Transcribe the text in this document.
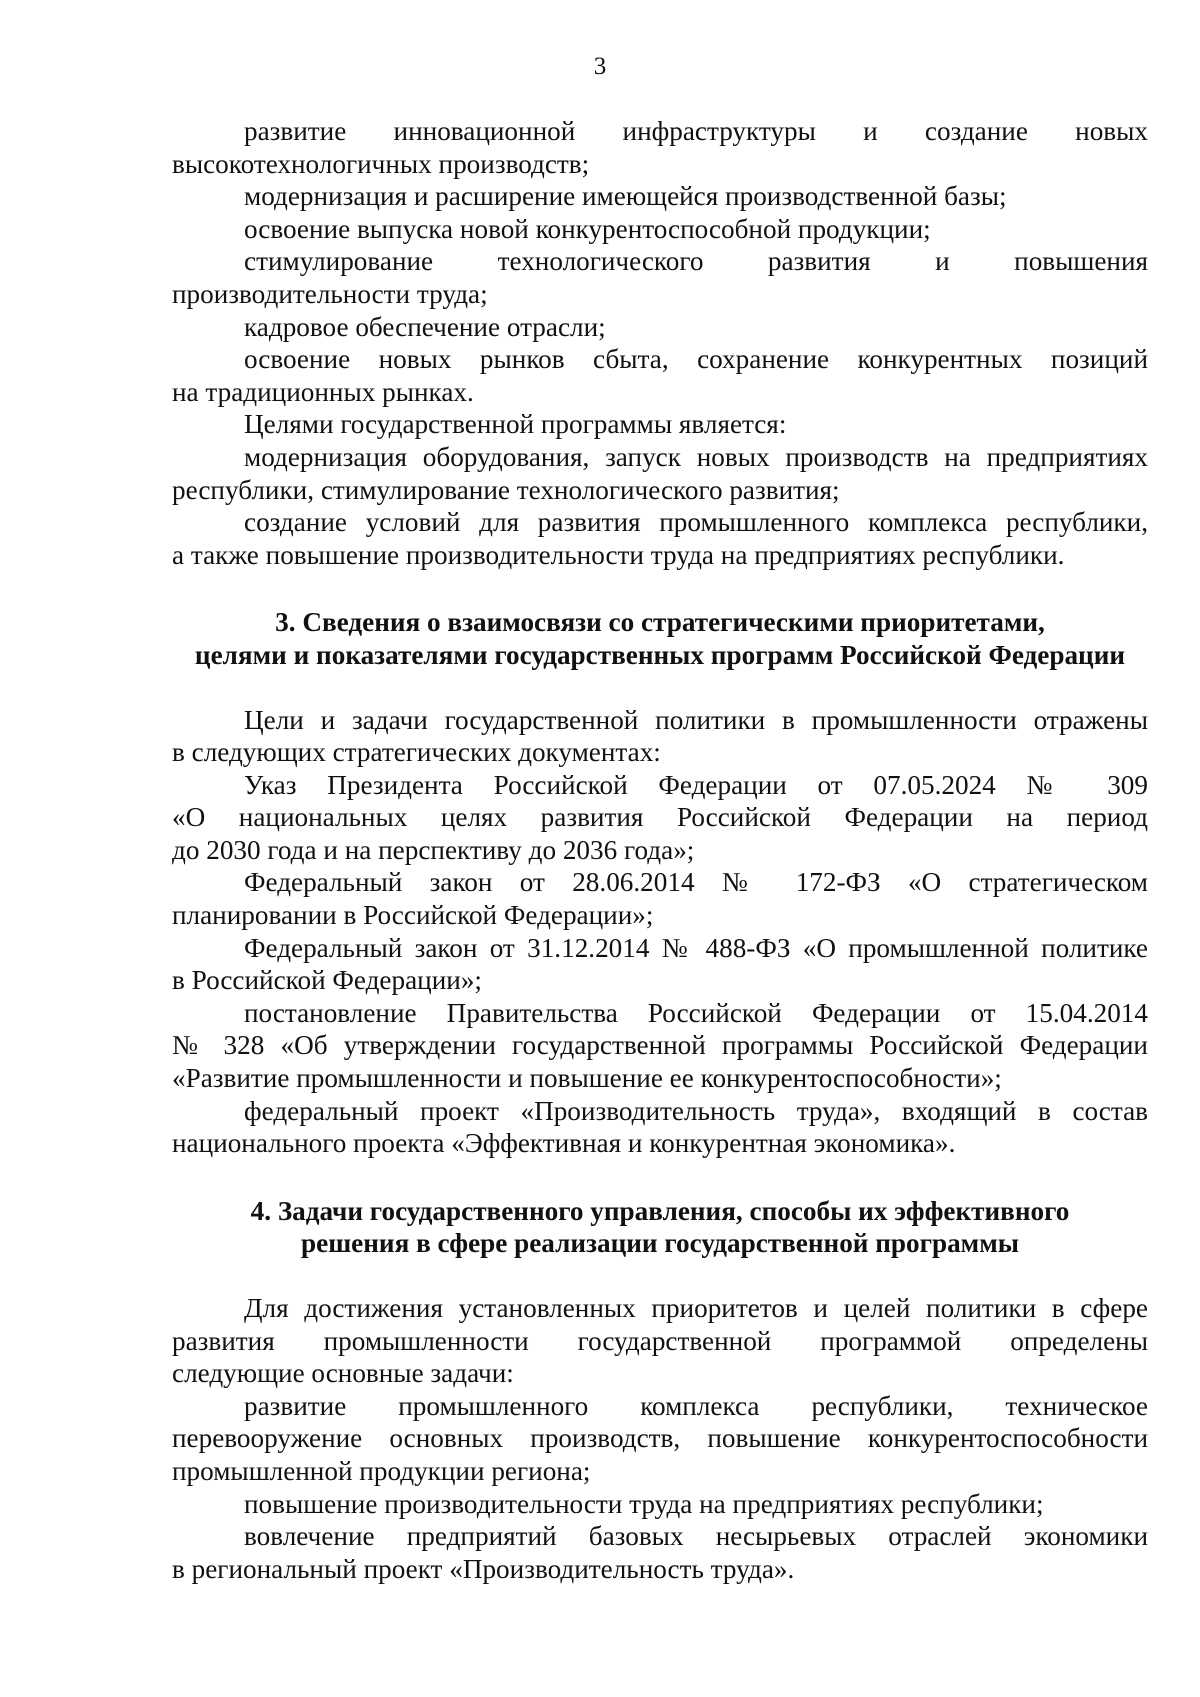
3

развитие инновационной инфраструктуры и создание новых
высокотехнологичных производств;

модернизация и расширение имеющейся производственной базы;

освоение выпуска новой конкурентоспособной продукции;

стимулирование технологического развития и повышения
производительности труда;

кадровое обеспечение отрасли;

освоение новых рынков сбыта, сохранение конкурентных позиций
на традиционных рынках.

Целями государственной программы является:

модернизация оборудования, запуск новых производств на предприятиях
республики, стимулирование технологического развития;

создание условий для развития промышленного комплекса республики,
а также повышение производительности труда на предприятиях республики.

3. Сведения о взаимосвязи со стратегическими приоритетами,
целями и показателями государственных программ Российской Федерации

Цели и задачи государственной политики в промышленности отражены
в следующих стратегических документах:

Указ Президента Российской Федерации от 07.05.2024 № 309
«О национальных целях развития Российской Федерации на период
до 2030 года и на перспективу до 2036 года»;

Федеральный закон от 28.06.2014 № 172-ФЗ «О стратегическом
планировании в Российской Федерации»;

Федеральный закон от 31.12.2014 № 488-ФЗ «О промышленной политике
в Российской Федерации»;

постановление Правительства Российской Федерации от 15.04.2014
№ 328 «Об утверждении государственной программы Российской Федерации
«Развитие промышленности и повышение ее конкурентоспособности»;

федеральный проект «Производительность труда», входящий в состав
национального проекта «Эффективная и конкурентная экономика».

4. Задачи государственного управления, способы их эффективного
решения в сфере реализации государственной программы

Для достижения установленных приоритетов и целей политики в сфере
развития промышленности государственной программой определены
следующие основные задачи:

развитие промышленного комплекса республики, техническое
перевооружение основных производств, повышение конкурентоспособности
промышленной продукции региона;

повышение производительности труда на предприятиях республики;

вовлечение предприятий базовых несырьевых отраслей экономики
в региональный проект «Производительность труда».
